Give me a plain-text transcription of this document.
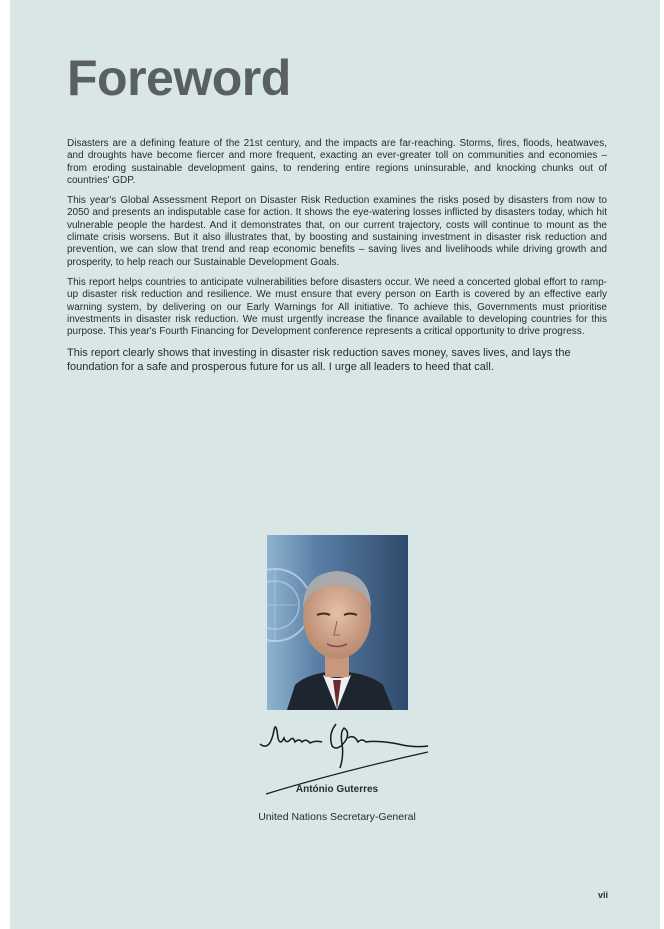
Foreword

Disasters are a defining feature of the 21st century, and the impacts are far-reaching. Storms, fires, floods, heatwaves, and droughts have become fiercer and more frequent, exacting an ever-greater toll on communities and economies – from eroding sustainable development gains, to rendering entire regions uninsurable, and knocking chunks out of countries' GDP.

This year's Global Assessment Report on Disaster Risk Reduction examines the risks posed by disasters from now to 2050 and presents an indisputable case for action. It shows the eye-watering losses inflicted by disasters today, which hit vulnerable people the hardest. And it demonstrates that, on our current trajectory, costs will continue to mount as the climate crisis worsens. But it also illustrates that, by boosting and sustaining investment in disaster risk reduction and prevention, we can slow that trend and reap economic benefits – saving lives and livelihoods while driving growth and prosperity, to help reach our Sustainable Development Goals.

This report helps countries to anticipate vulnerabilities before disasters occur. We need a concerted global effort to ramp-up disaster risk reduction and resilience. We must ensure that every person on Earth is covered by an effective early warning system, by delivering on our Early Warnings for All initiative. To achieve this, Governments must prioritise investments in disaster risk reduction. We must urgently increase the finance available to developing countries for this purpose. This year's Fourth Financing for Development conference represents a critical opportunity to drive progress.

This report clearly shows that investing in disaster risk reduction saves money, saves lives, and lays the foundation for a safe and prosperous future for us all. I urge all leaders to heed that call.

António Guterres
United Nations Secretary-General
vii
